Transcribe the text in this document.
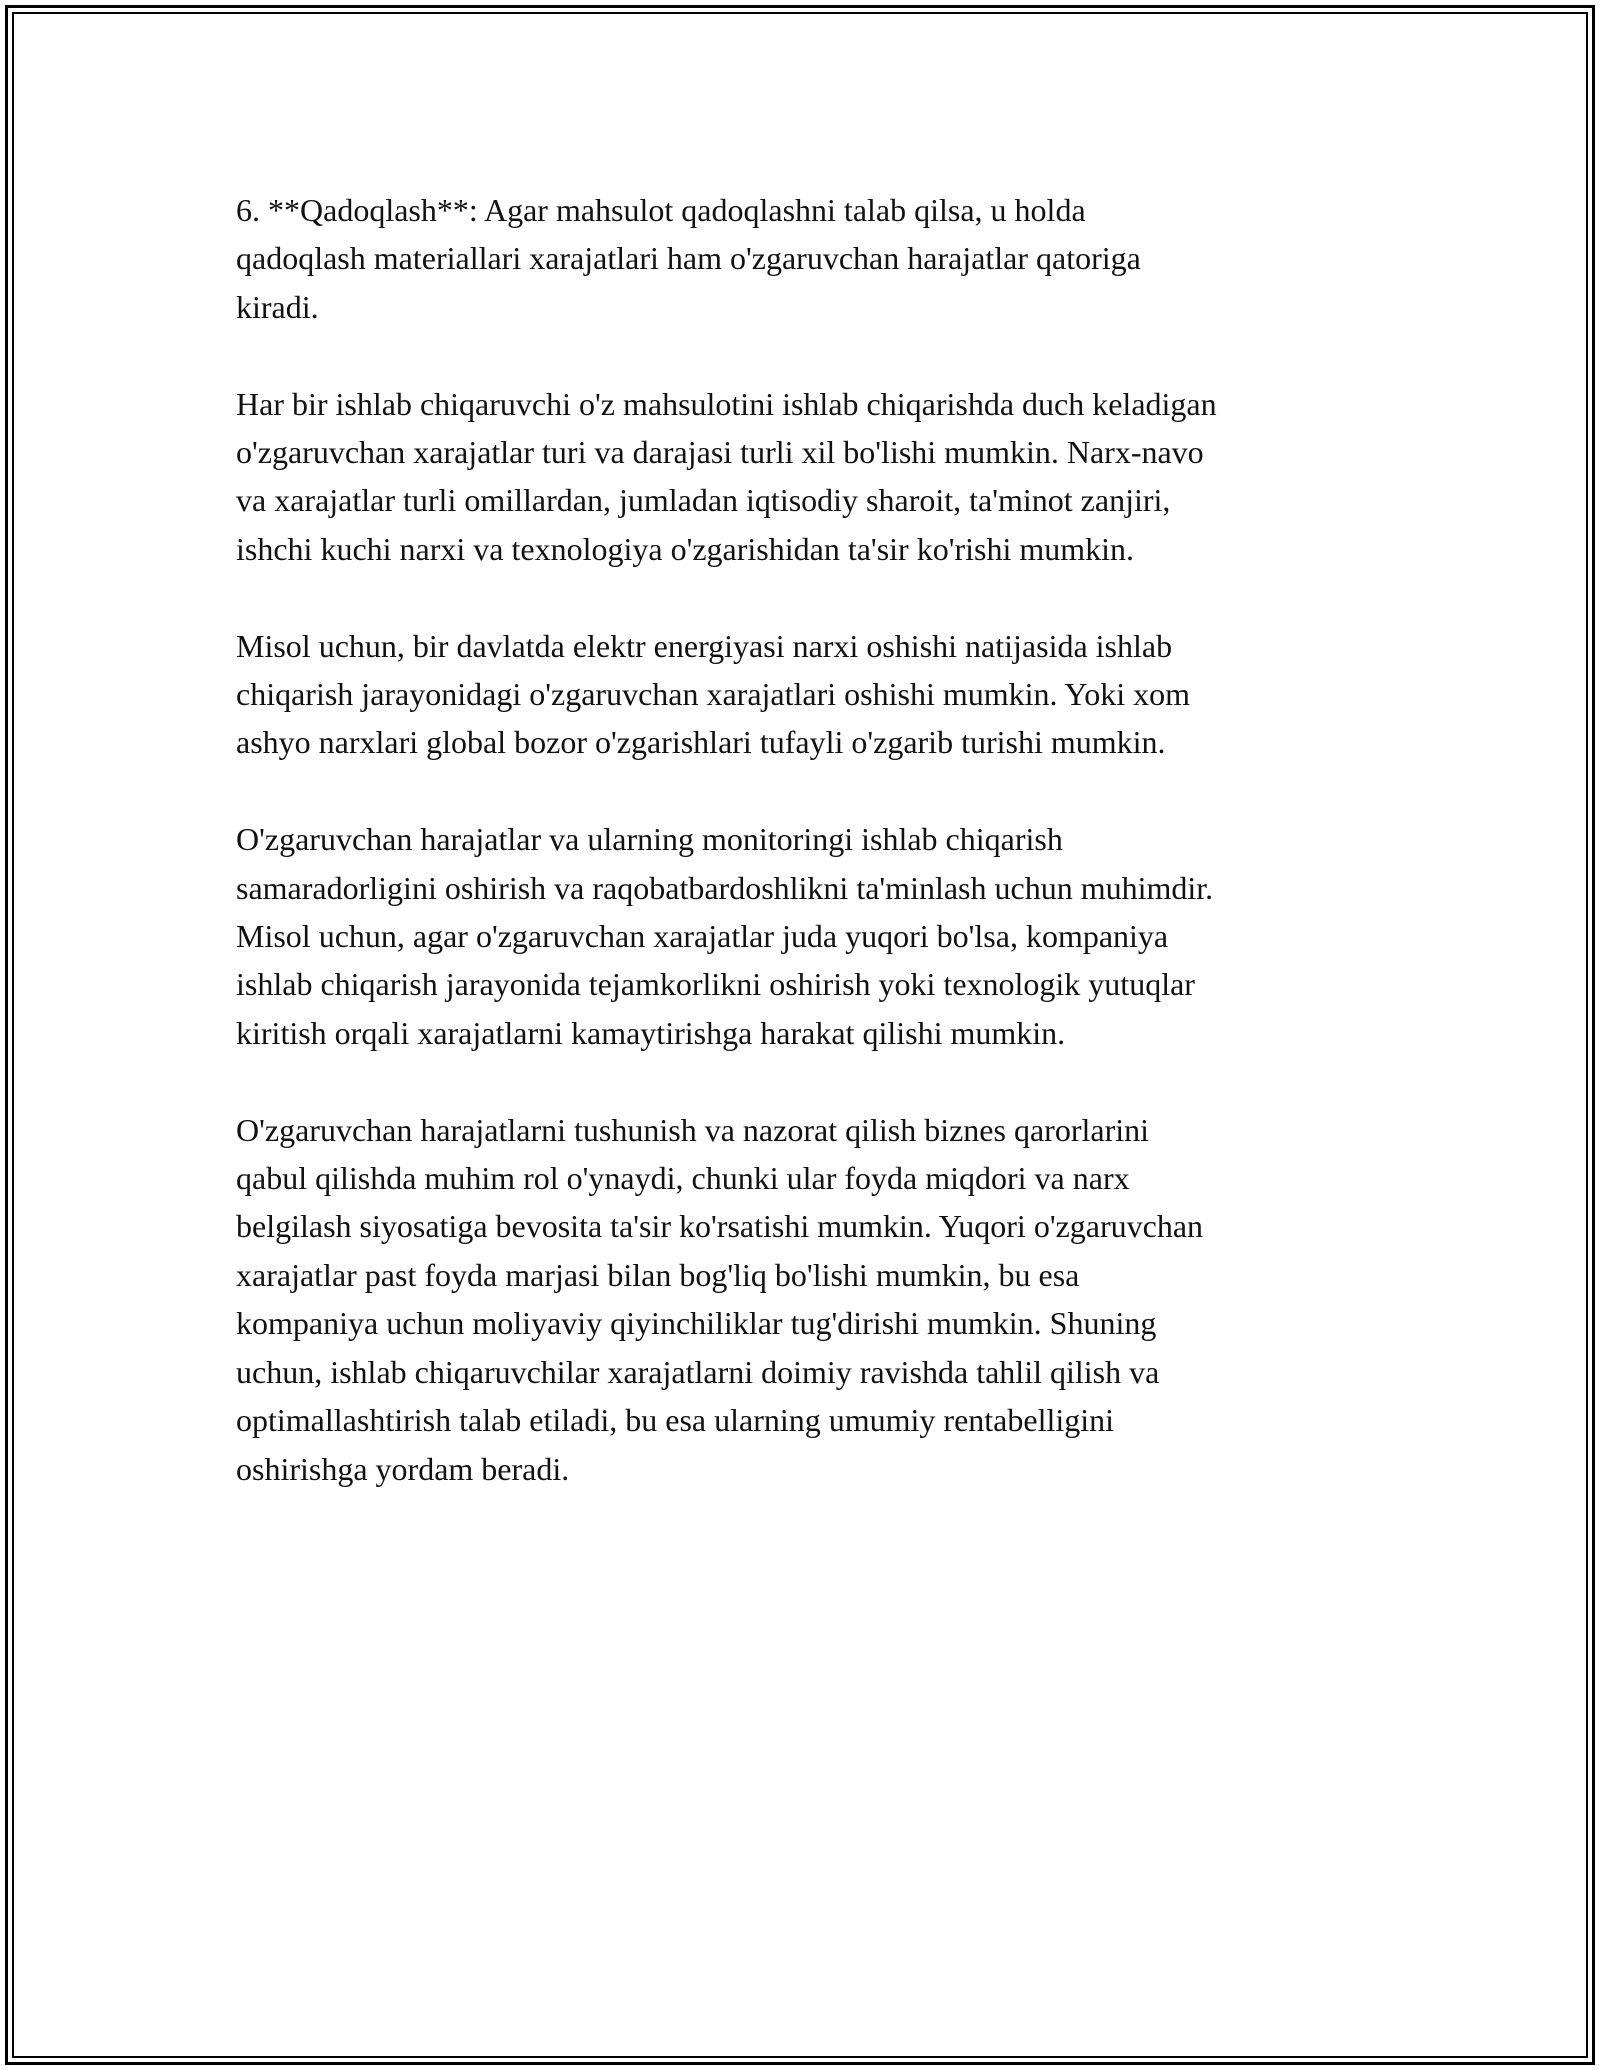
6. **Qadoqlash**: Agar mahsulot qadoqlashni talab qilsa, u holda
qadoqlash materiallari xarajatlari ham o'zgaruvchan harajatlar qatoriga
kiradi.

Har bir ishlab chiqaruvchi o'z mahsulotini ishlab chiqarishda duch keladigan
o'zgaruvchan xarajatlar turi va darajasi turli xil bo'lishi mumkin. Narx-navo
va xarajatlar turli omillardan, jumladan iqtisodiy sharoit, ta'minot zanjiri,
ishchi kuchi narxi va texnologiya o'zgarishidan ta'sir ko'rishi mumkin.

Misol uchun, bir davlatda elektr energiyasi narxi oshishi natijasida ishlab
chiqarish jarayonidagi o'zgaruvchan xarajatlari oshishi mumkin. Yoki xom
ashyo narxlari global bozor o'zgarishlari tufayli o'zgarib turishi mumkin.

O'zgaruvchan harajatlar va ularning monitoringi ishlab chiqarish
samaradorligini oshirish va raqobatbardoshlikni ta'minlash uchun muhimdir.
Misol uchun, agar o'zgaruvchan xarajatlar juda yuqori bo'lsa, kompaniya
ishlab chiqarish jarayonida tejamkorlikni oshirish yoki texnologik yutuqlar
kiritish orqali xarajatlarni kamaytirishga harakat qilishi mumkin.

O'zgaruvchan harajatlarni tushunish va nazorat qilish biznes qarorlarini
qabul qilishda muhim rol o'ynaydi, chunki ular foyda miqdori va narx
belgilash siyosatiga bevosita ta'sir ko'rsatishi mumkin. Yuqori o'zgaruvchan
xarajatlar past foyda marjasi bilan bog'liq bo'lishi mumkin, bu esa
kompaniya uchun moliyaviy qiyinchiliklar tug'dirishi mumkin. Shuning
uchun, ishlab chiqaruvchilar xarajatlarni doimiy ravishda tahlil qilish va
optimallashtirish talab etiladi, bu esa ularning umumiy rentabelligini
oshirishga yordam beradi.
